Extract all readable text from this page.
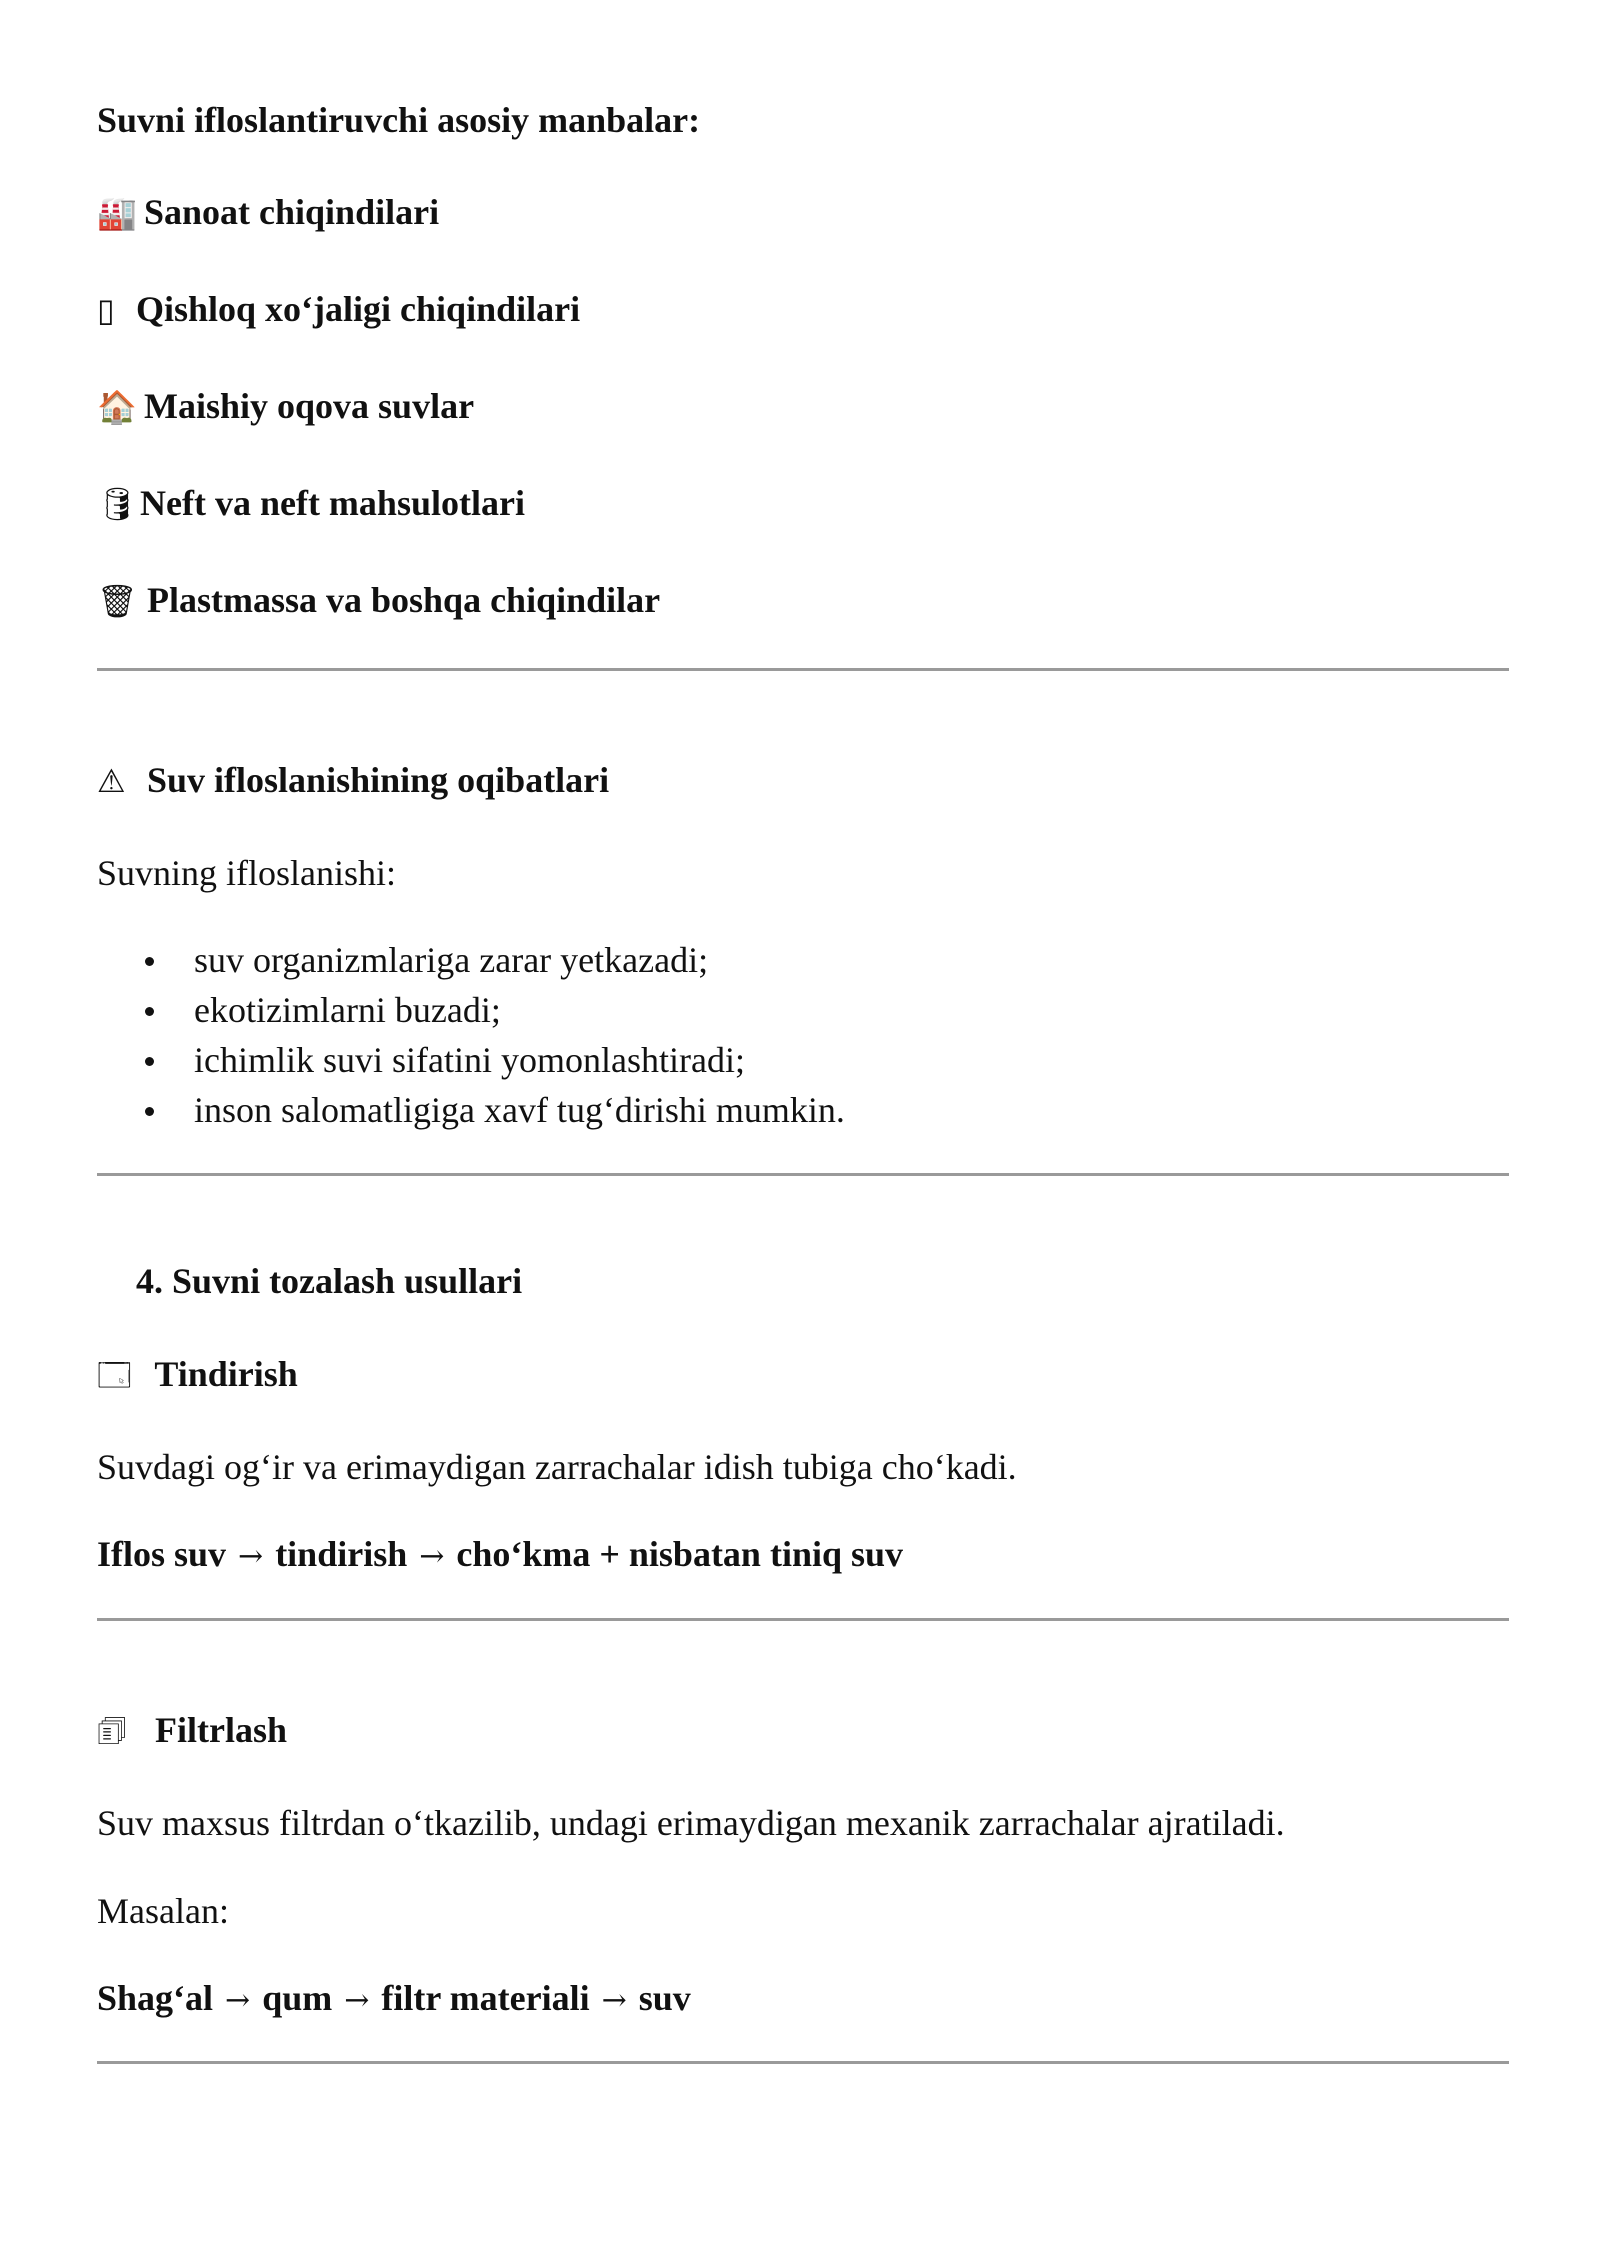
Suvni ifloslantiruvchi asosiy manbalar:
🏭 Sanoat chiqindilari
▯ Qishloq xoʻjaligi chiqindilari
🏠 Maishiy oqova suvlar
🛢 Neft va neft mahsulotlari
🗑 Plastmassa va boshqa chiqindilar
⚠ Suv ifloslanishining oqibatlari
Suvning ifloslanishi:
suv organizmlariga zarar yetkazadi;
ekotizimlarni buzadi;
ichimlik suvi sifatini yomonlashtiradi;
inson salomatligiga xavf tugʻdirishi mumkin.
4. Suvni tozalash usullari
🗔 Tindirish
Suvdagi ogʻir va erimaydigan zarrachalar idish tubiga choʻkadi.
Iflos suv → tindirish → choʻkma + nisbatan tiniq suv
🗊 Filtrlash
Suv maxsus filtrdan oʻtkazilib, undagi erimaydigan mexanik zarrachalar ajratiladi.
Masalan:
Shagʻal → qum → filtr materiali → suv
